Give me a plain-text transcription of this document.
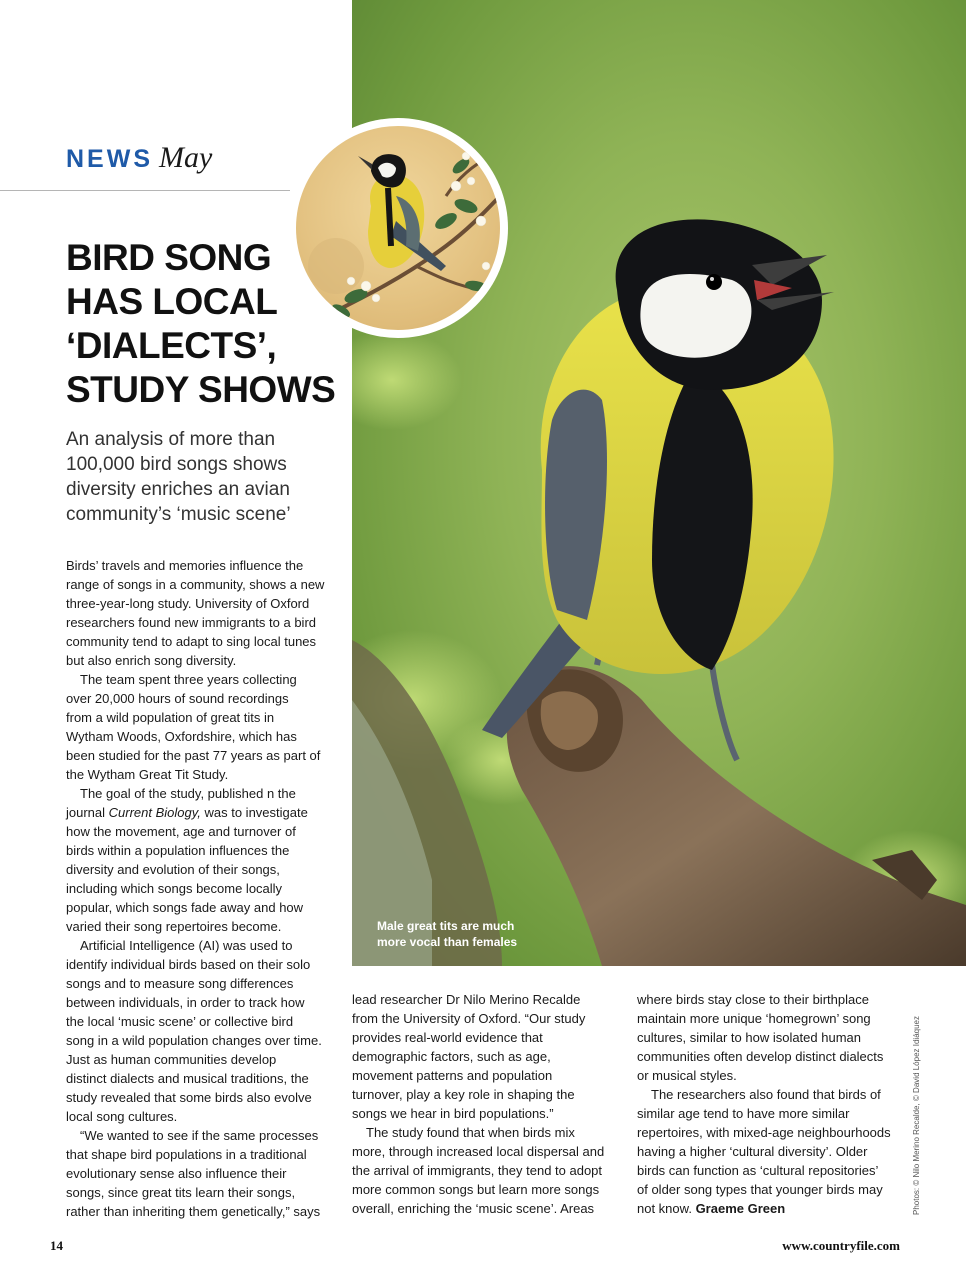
Male great tits are much more vocal than females
NEWS May
BIRD SONG
HAS LOCAL
‘DIALECTS’,
STUDY SHOWS
An analysis of more than
100,000 bird songs shows
diversity enriches an avian
community’s ‘music scene’
Birds’ travels and memories influence the
range of songs in a community, shows a new
three-year-long study. University of Oxford
researchers found new immigrants to a bird
community tend to adapt to sing local tunes
but also enrich song diversity.
The team spent three years collecting
over 20,000 hours of sound recordings
from a wild population of great tits in
Wytham Woods, Oxfordshire, which has
been studied for the past 77 years as part of
the Wytham Great Tit Study.
The goal of the study, published n the
journal Current Biology, was to investigate
how the movement, age and turnover of
birds within a population influences the
diversity and evolution of their songs,
including which songs become locally
popular, which songs fade away and how
varied their song repertoires become.
Artificial Intelligence (AI) was used to
identify individual birds based on their solo
songs and to measure song differences
between individuals, in order to track how
the local ‘music scene’ or collective bird
song in a wild population changes over time.
Just as human communities develop
distinct dialects and musical traditions, the
study revealed that some birds also evolve
local song cultures.
“We wanted to see if the same processes
that shape bird populations in a traditional
evolutionary sense also influence their
songs, since great tits learn their songs,
rather than inheriting them genetically,” says
lead researcher Dr Nilo Merino Recalde
from the University of Oxford. “Our study
provides real-world evidence that
demographic factors, such as age,
movement patterns and population
turnover, play a key role in shaping the
songs we hear in bird populations.”
The study found that when birds mix
more, through increased local dispersal and
the arrival of immigrants, they tend to adopt
more common songs but learn more songs
overall, enriching the ‘music scene’. Areas
where birds stay close to their birthplace
maintain more unique ‘homegrown’ song
cultures, similar to how isolated human
communities often develop distinct dialects
or musical styles.
The researchers also found that birds of
similar age tend to have more similar
repertoires, with mixed-age neighbourhoods
having a higher ‘cultural diversity’. Older
birds can function as ‘cultural repositories’
of older song types that younger birds may
not know. Graeme Green	Photos: © Nilo Merino Recalde, © David López Idiáquez
14	www.countryfile.com
